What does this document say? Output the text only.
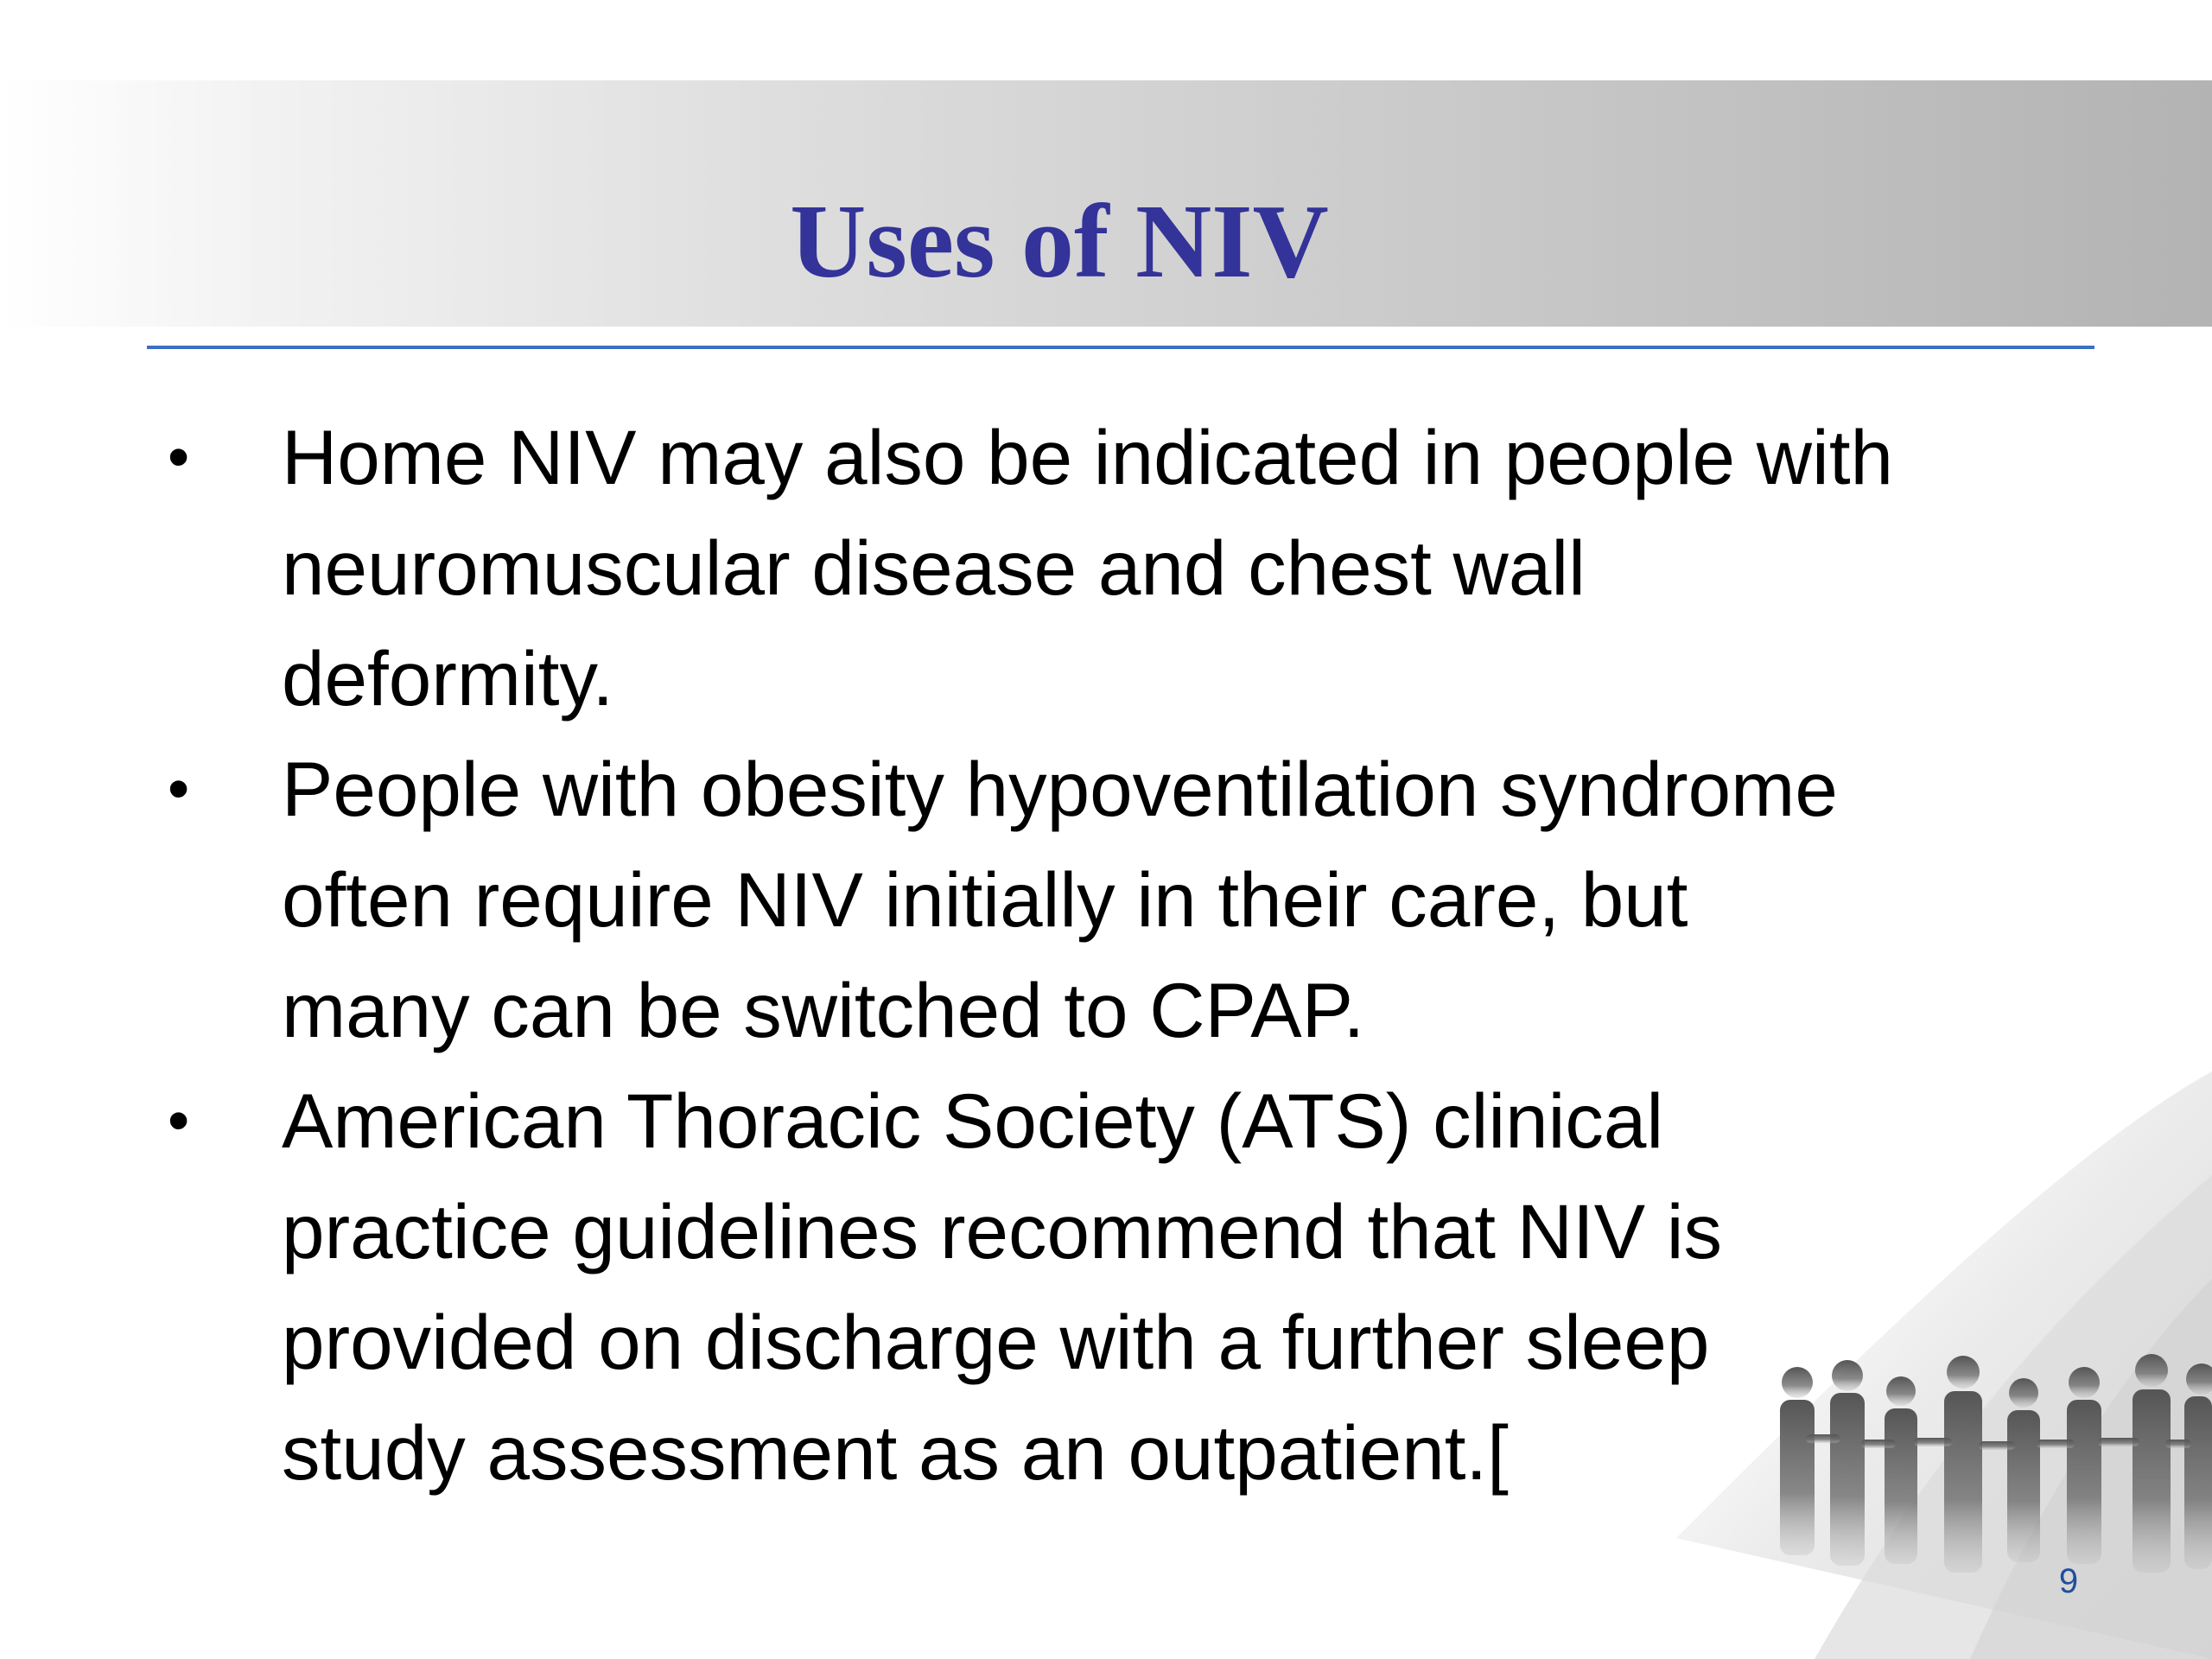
Uses of NIV
• Home NIV may also be indicated in people with
neuromuscular disease and chest wall
deformity.
• People with obesity hypoventilation syndrome
often require NIV initially in their care, but
many can be switched to CPAP.
• American Thoracic Society (ATS) clinical
practice guidelines recommend that NIV is
provided on discharge with a further sleep
study assessment as an outpatient.[
9
